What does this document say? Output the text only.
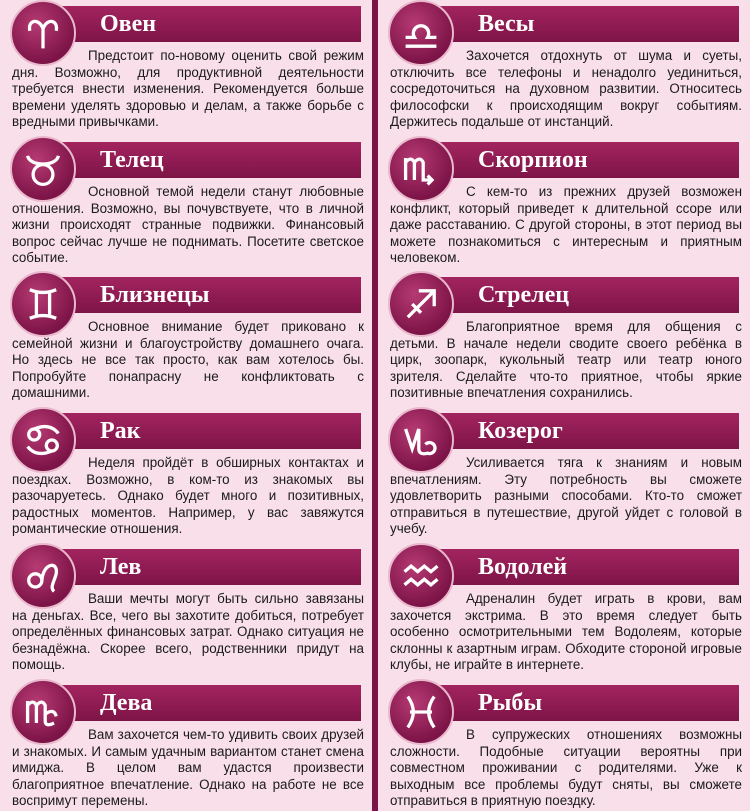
Овен

Предстоит по-новому оценить свой режим дня. Возможно, для продуктивной деятельности требуется внести изменения. Рекомендуется больше времени уделять здоровью и делам, а также борьбе с вредными привычками.

Телец

Основной темой недели станут любовные отношения. Возможно, вы почувствуете, что в личной жизни происходят странные подвижки. Финансовый вопрос сейчас лучше не поднимать. Посетите светское событие.

Близнецы

Основное внимание будет приковано к семейной жизни и благоустройству домашнего очага. Но здесь не все так просто, как вам хотелось бы. Попробуйте понапрасну не конфликтовать с домашними.

Рак

Неделя пройдёт в обширных контактах и поездках. Возможно, в ком-то из знакомых вы разочаруетесь. Однако будет много и позитивных, радостных моментов. Например, у вас завяжутся романтические отношения.

Лев

Ваши мечты могут быть сильно завязаны на деньгах. Все, чего вы захотите добиться, потребует определённых финансовых затрат. Однако ситуация не безнадёжна. Скорее всего, родственники придут на помощь.

Дева

Вам захочется чем-то удивить своих друзей и знакомых. И самым удачным вариантом станет смена имиджа. В целом вам удастся произвести благоприятное впечатление. Однако на работе не все воспримут перемены.

Весы

Захочется отдохнуть от шума и суеты, отключить все телефоны и ненадолго уединиться, сосредоточиться на духовном развитии. Относитесь философски к происходящим вокруг событиям. Держитесь подальше от инстанций.

Скорпион

С кем-то из прежних друзей возможен конфликт, который приведет к длительной ссоре или даже расставанию. С другой стороны, в этот период вы можете познакомиться с интересным и приятным человеком.

Стрелец

Благоприятное время для общения с детьми. В начале недели сводите своего ребёнка в цирк, зоопарк, кукольный театр или театр юного зрителя. Сделайте что-то приятное, чтобы яркие позитивные впечатления сохранились.

Козерог

Усиливается тяга к знаниям и новым впечатлениям. Эту потребность вы сможете удовлетворить разными способами. Кто-то сможет отправиться в путешествие, другой уйдет с головой в учебу.

Водолей

Адреналин будет играть в крови, вам захочется экстрима. В это время следует быть особенно осмотрительными тем Водолеям, которые склонны к азартным играм. Обходите стороной игровые клубы, не играйте в интернете.

Рыбы

В супружеских отношениях возможны сложности. Подобные ситуации вероятны при совместном проживании с родителями. Уже к выходным все проблемы будут сняты, вы сможете отправиться в приятную поездку.
